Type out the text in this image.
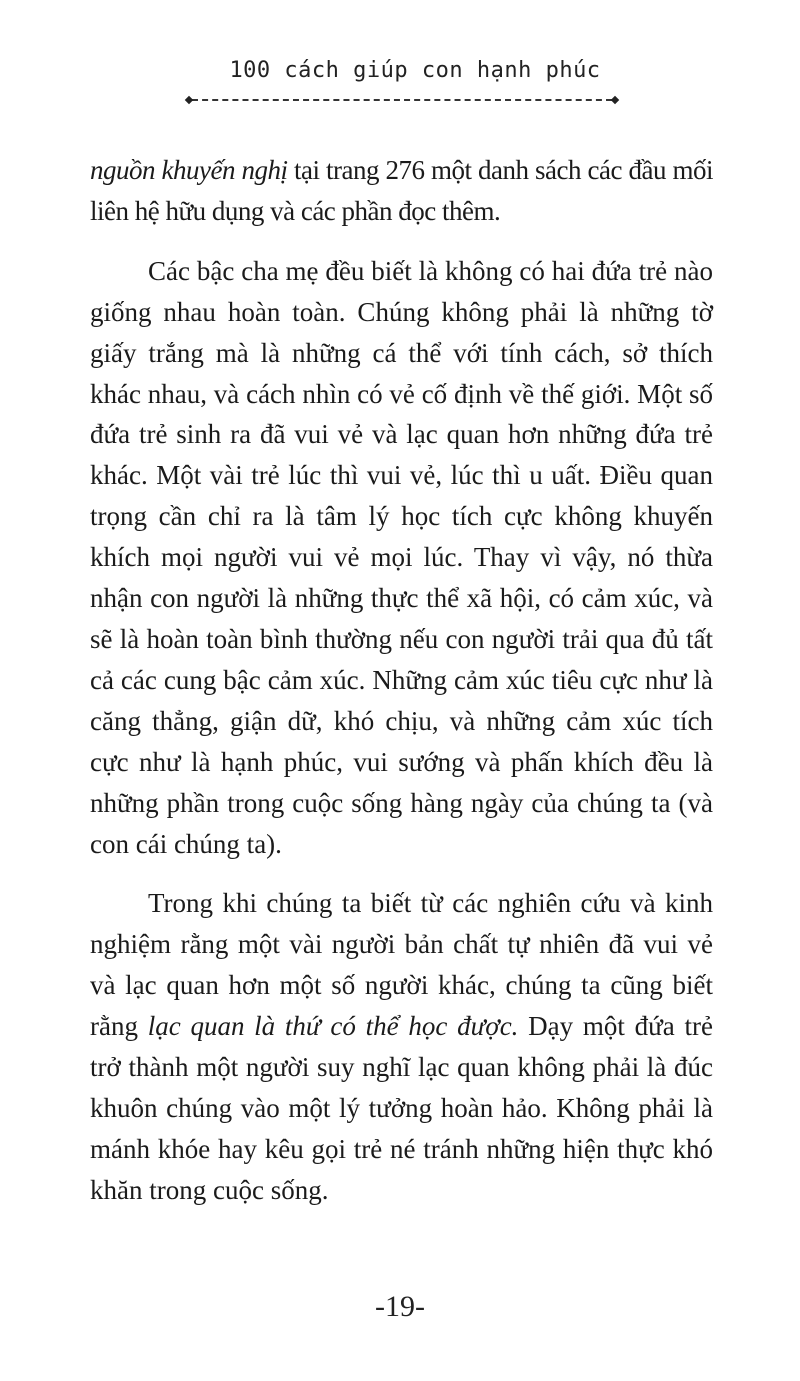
100 cách giúp con hạnh phúc

nguồn khuyến nghị tại trang 276 một danh sách các đầu mối liên hệ hữu dụng và các phần đọc thêm.

Các bậc cha mẹ đều biết là không có hai đứa trẻ nào giống nhau hoàn toàn. Chúng không phải là những tờ giấy trắng mà là những cá thể với tính cách, sở thích khác nhau, và cách nhìn có vẻ cố định về thế giới. Một số đứa trẻ sinh ra đã vui vẻ và lạc quan hơn những đứa trẻ khác. Một vài trẻ lúc thì vui vẻ, lúc thì u uất. Điều quan trọng cần chỉ ra là tâm lý học tích cực không khuyến khích mọi người vui vẻ mọi lúc. Thay vì vậy, nó thừa nhận con người là những thực thể xã hội, có cảm xúc, và sẽ là hoàn toàn bình thường nếu con người trải qua đủ tất cả các cung bậc cảm xúc. Những cảm xúc tiêu cực như là căng thẳng, giận dữ, khó chịu, và những cảm xúc tích cực như là hạnh phúc, vui sướng và phấn khích đều là những phần trong cuộc sống hàng ngày của chúng ta (và con cái chúng ta).

Trong khi chúng ta biết từ các nghiên cứu và kinh nghiệm rằng một vài người bản chất tự nhiên đã vui vẻ và lạc quan hơn một số người khác, chúng ta cũng biết rằng lạc quan là thứ có thể học được. Dạy một đứa trẻ trở thành một người suy nghĩ lạc quan không phải là đúc khuôn chúng vào một lý tưởng hoàn hảo. Không phải là mánh khóe hay kêu gọi trẻ né tránh những hiện thực khó khăn trong cuộc sống.

-19-
